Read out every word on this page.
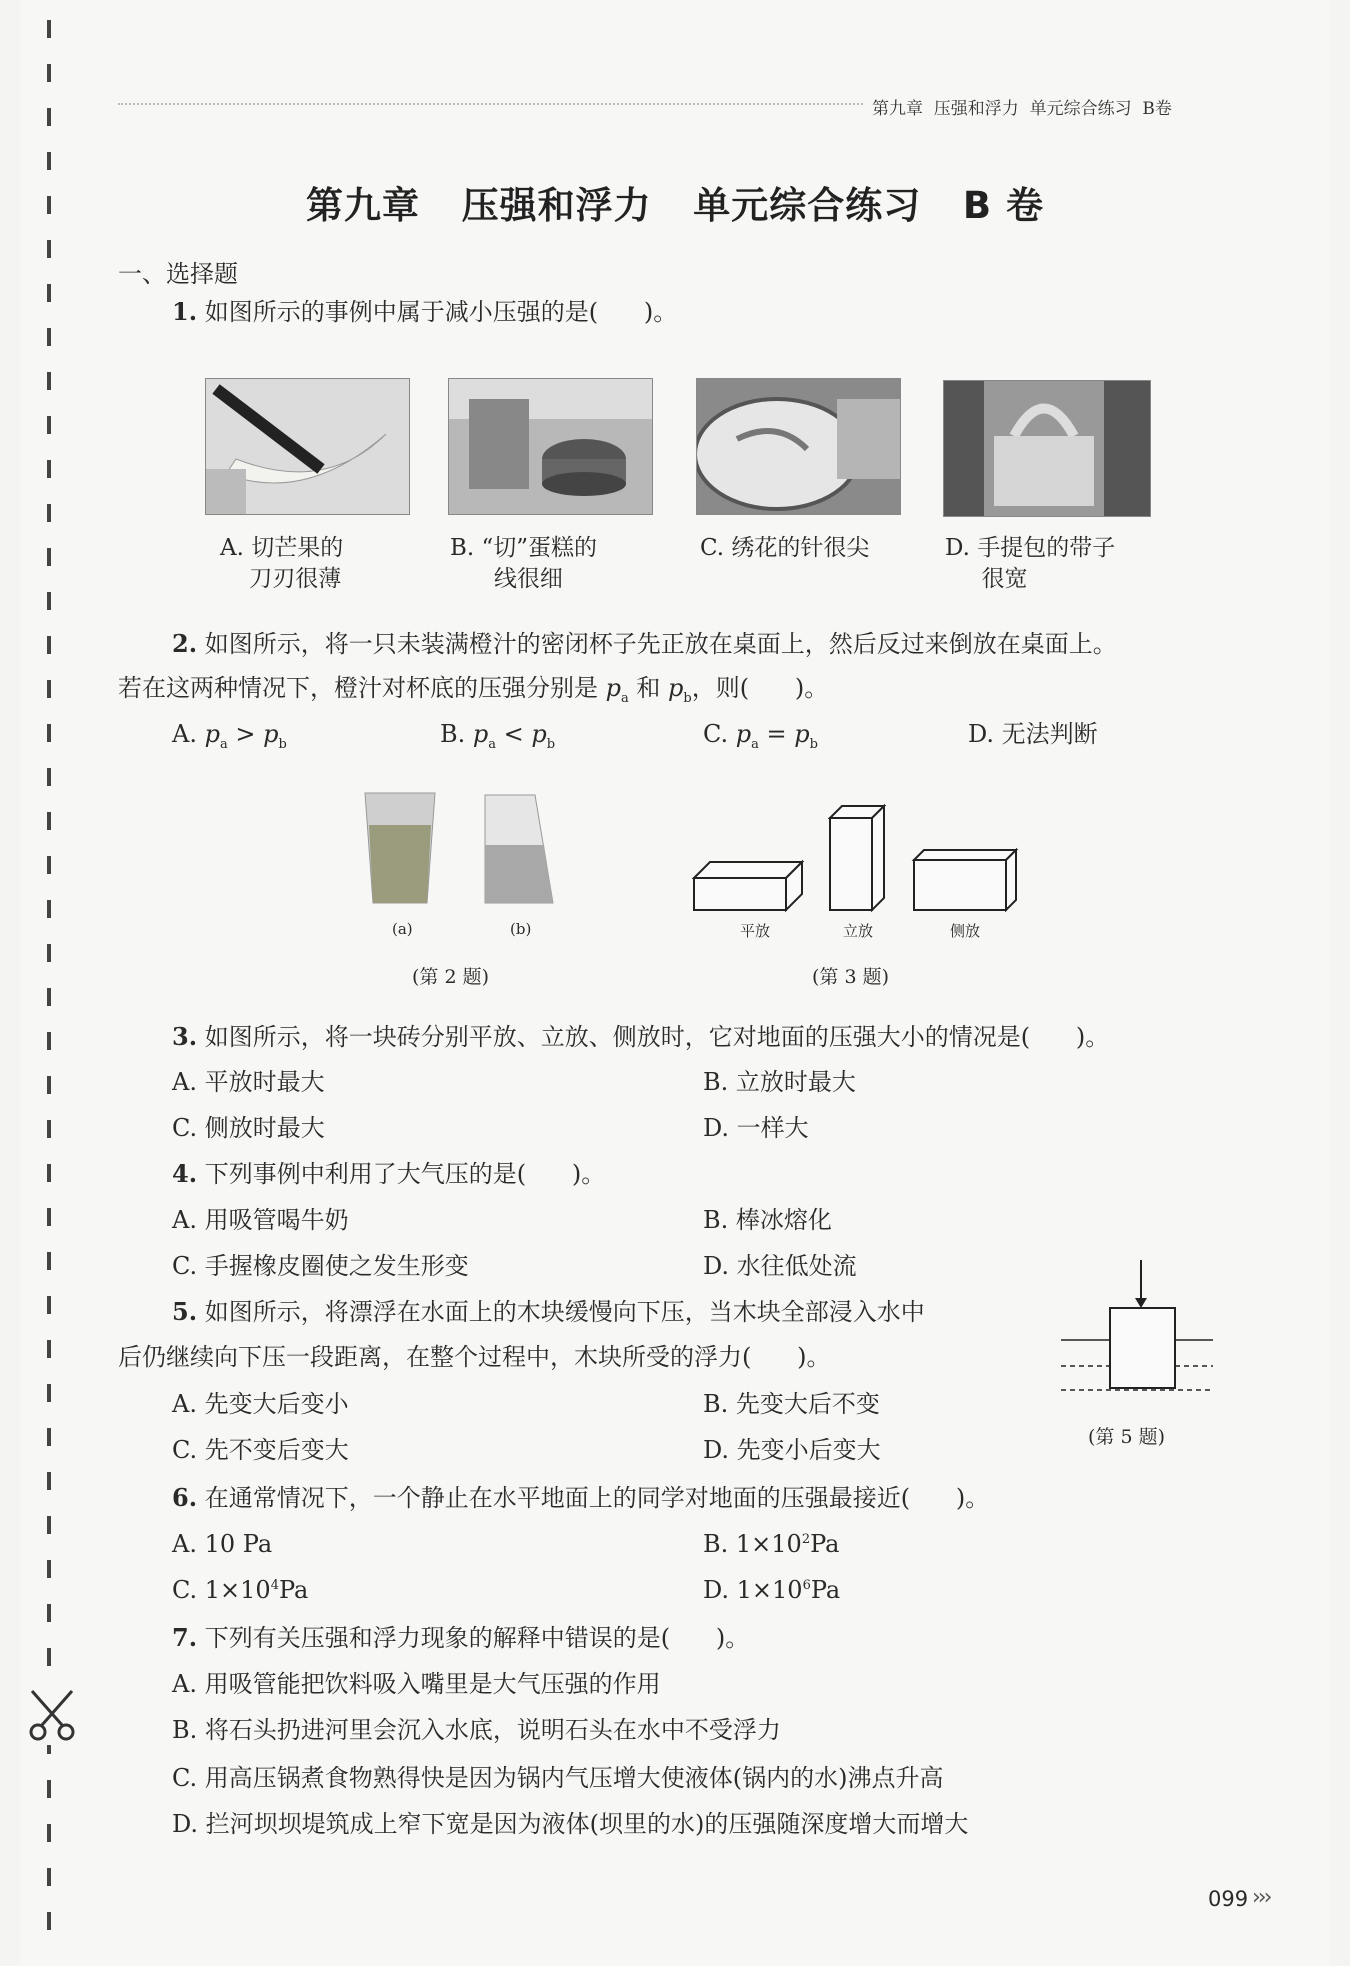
第九章  压强和浮力  单元综合练习  B卷
第九章   压强和浮力   单元综合练习   B 卷
一、选择题
1. 如图所示的事例中属于减小压强的是(      )。
A. 切芒果的
刀刃很薄
B. “切”蛋糕的
线很细
C. 绣花的针很尖	D. 手提包的带子
很宽
2. 如图所示，将一只未装满橙汁的密闭杯子先正放在桌面上，然后反过来倒放在桌面上。
若在这两种情况下，橙汁对杯底的压强分别是 $p_a$ 和 $p_b$，则(      )。
A. $p_a > p_b$	B. $p_a < p_b$	C. $p_a = p_b$	D. 无法判断
(a)	(b)
(第 2 题)
平放	立放	侧放
(第 3 题)
3. 如图所示，将一块砖分别平放、立放、侧放时，它对地面的压强大小的情况是(      )。
A. 平放时最大	B. 立放时最大
C. 侧放时最大	D. 一样大
4. 下列事例中利用了大气压的是(      )。
A. 用吸管喝牛奶	B. 棒冰熔化
C. 手握橡皮圈使之发生形变	D. 水往低处流
5. 如图所示，将漂浮在水面上的木块缓慢向下压，当木块全部浸入水中
后仍继续向下压一段距离，在整个过程中，木块所受的浮力(      )。
A. 先变大后变小	B. 先变大后不变
C. 先不变后变大	D. 先变小后变大	(第 5 题)
6. 在通常情况下，一个静止在水平地面上的同学对地面的压强最接近(      )。
A. 10 Pa	B. $1\times 10^2Pa$
C. $1\times 10^4Pa$	D. $1\times 10^6Pa$
7. 下列有关压强和浮力现象的解释中错误的是(      )。
A. 用吸管能把饮料吸入嘴里是大气压强的作用
B. 将石头扔进河里会沉入水底，说明石头在水中不受浮力
C. 用高压锅煮食物熟得快是因为锅内气压增大使液体(锅内的水)沸点升高
D. 拦河坝坝堤筑成上窄下宽是因为液体(坝里的水)的压强随深度增大而增大
099 ›››
